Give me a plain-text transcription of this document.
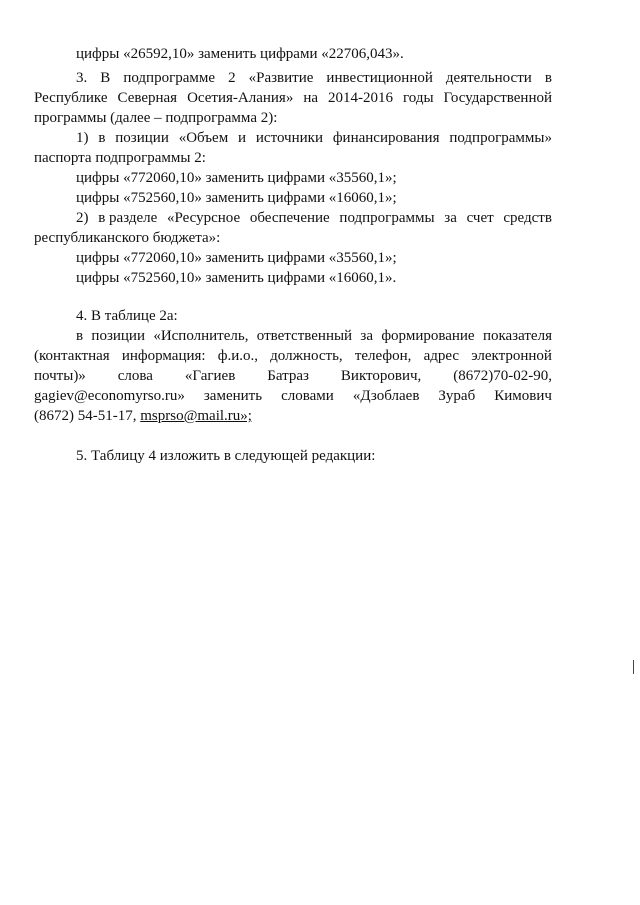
цифры «26592,10» заменить цифрами «22706,043».
3. В подпрограмме 2 «Развитие инвестиционной деятельности в
Республике Северная Осетия-Алания» на 2014-2016 годы Государственной
программы (далее – подпрограмма 2):
1) в позиции «Объем и источники финансирования подпрограммы»
паспорта подпрограммы 2:
цифры «772060,10» заменить цифрами «35560,1»;
цифры «752560,10» заменить цифрами «16060,1»;
2) в разделе «Ресурсное обеспечение подпрограммы за счет средств
республиканского бюджета»:
цифры «772060,10» заменить цифрами «35560,1»;
цифры «752560,10» заменить цифрами «16060,1».
4. В таблице 2а:
в позиции «Исполнитель, ответственный за формирование показателя
(контактная информация: ф.и.о., должность, телефон, адрес электронной
почты)» слова «Гагиев Батраз Викторович, (8672)70-02-90,
gagiev@economyrso.ru» заменить словами «Дзоблаев Зураб Кимович
(8672) 54-51-17, msprso@mail.ru»;
5. Таблицу 4 изложить в следующей редакции:
